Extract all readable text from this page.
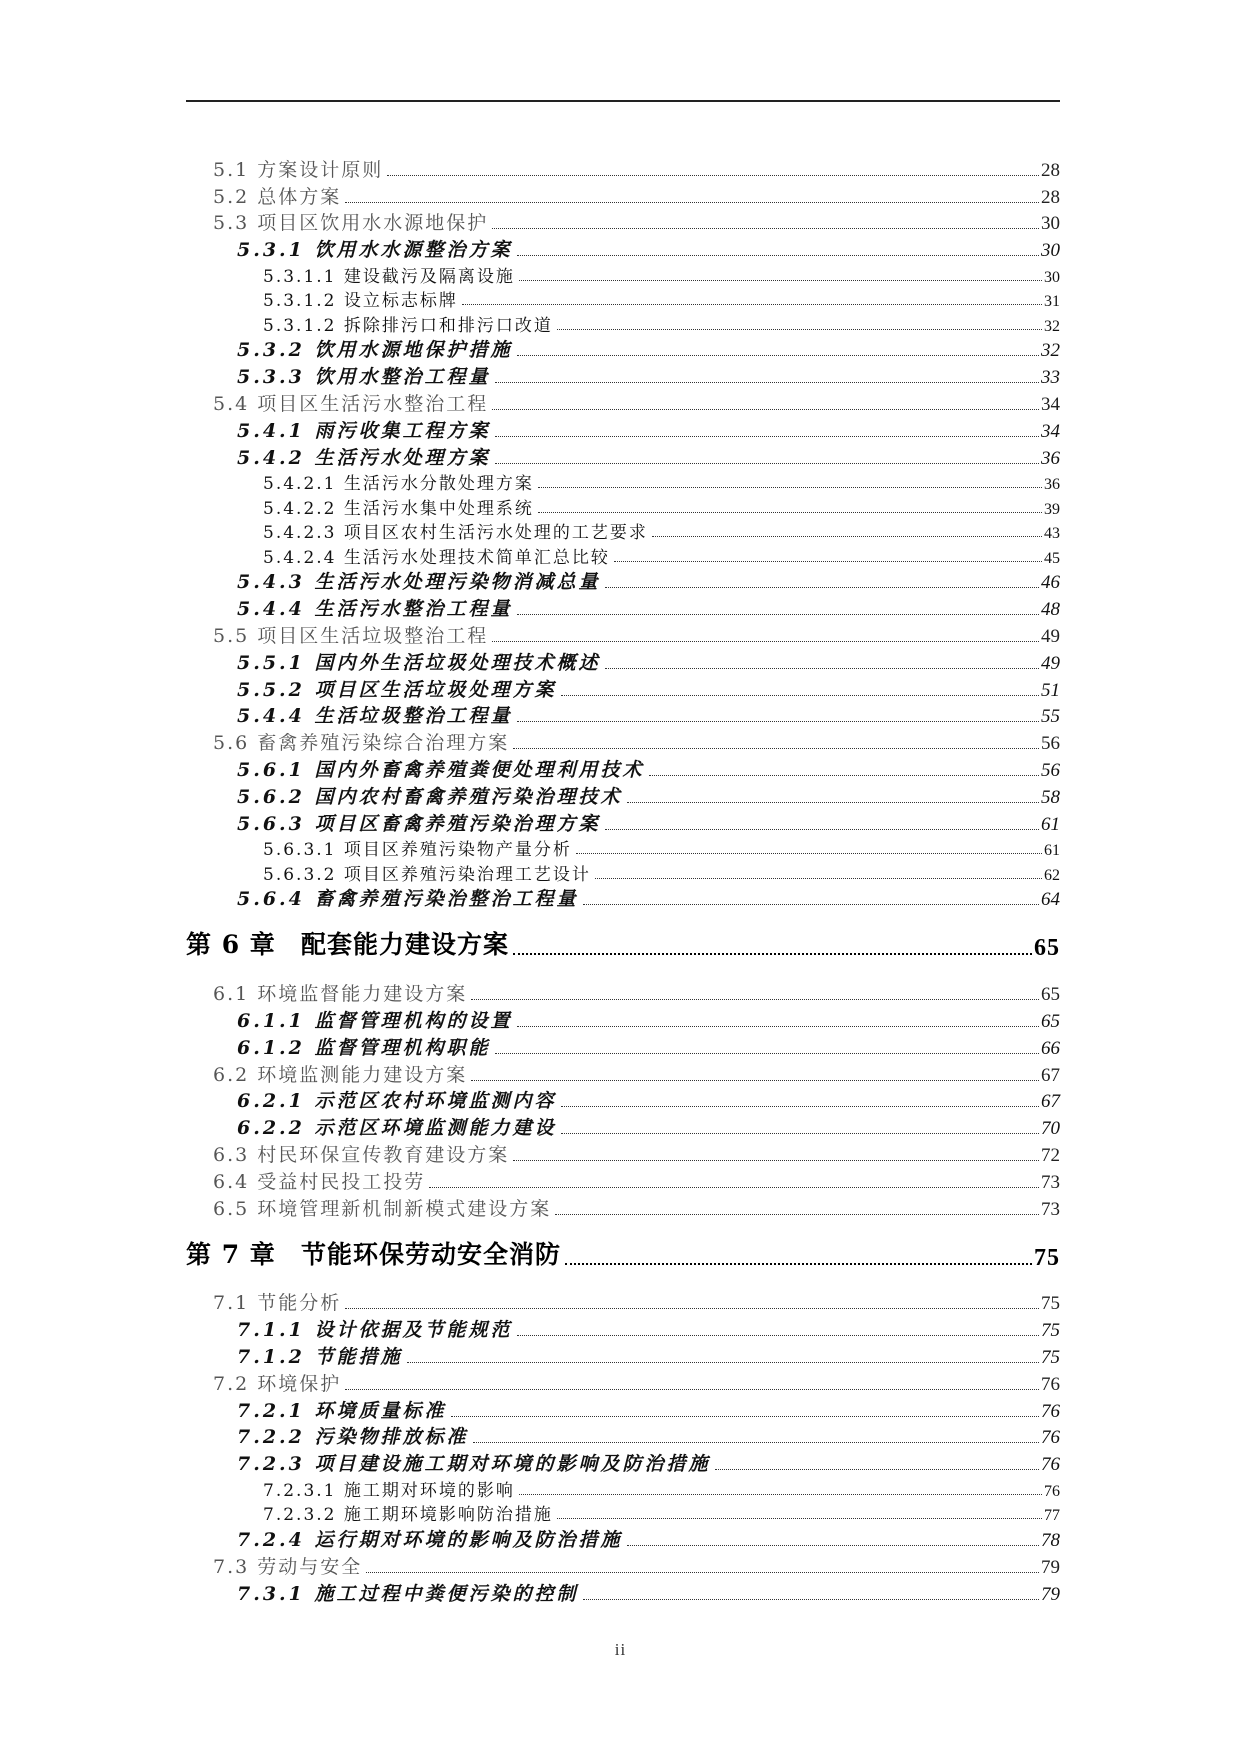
5.1 方案设计原则	28
5.2 总体方案	28
5.3 项目区饮用水水源地保护	30
5.3.1 饮用水水源整治方案	30
5.3.1.1 建设截污及隔离设施	30
5.3.1.2 设立标志标牌	31
5.3.1.2 拆除排污口和排污口改道	32
5.3.2 饮用水源地保护措施	32
5.3.3 饮用水整治工程量	33
5.4 项目区生活污水整治工程	34
5.4.1 雨污收集工程方案	34
5.4.2 生活污水处理方案	36
5.4.2.1 生活污水分散处理方案	36
5.4.2.2 生活污水集中处理系统	39
5.4.2.3 项目区农村生活污水处理的工艺要求	43
5.4.2.4 生活污水处理技术简单汇总比较	45
5.4.3 生活污水处理污染物消减总量	46
5.4.4 生活污水整治工程量	48
5.5 项目区生活垃圾整治工程	49
5.5.1 国内外生活垃圾处理技术概述	49
5.5.2 项目区生活垃圾处理方案	51
5.4.4 生活垃圾整治工程量	55
5.6 畜禽养殖污染综合治理方案	56
5.6.1 国内外畜禽养殖粪便处理利用技术	56
5.6.2 国内农村畜禽养殖污染治理技术	58
5.6.3 项目区畜禽养殖污染治理方案	61
5.6.3.1 项目区养殖污染物产量分析	61
5.6.3.2 项目区养殖污染治理工艺设计	62
5.6.4 畜禽养殖污染治整治工程量	64
第 6 章	配套能力建设方案	65
6.1 环境监督能力建设方案	65
6.1.1 监督管理机构的设置	65
6.1.2 监督管理机构职能	66
6.2 环境监测能力建设方案	67
6.2.1 示范区农村环境监测内容	67
6.2.2 示范区环境监测能力建设	70
6.3 村民环保宣传教育建设方案	72
6.4 受益村民投工投劳	73
6.5 环境管理新机制新模式建设方案	73
第 7 章	节能环保劳动安全消防	75
7.1 节能分析	75
7.1.1 设计依据及节能规范	75
7.1.2 节能措施	75
7.2 环境保护	76
7.2.1 环境质量标准	76
7.2.2 污染物排放标准	76
7.2.3 项目建设施工期对环境的影响及防治措施	76
7.2.3.1 施工期对环境的影响	76
7.2.3.2 施工期环境影响防治措施	77
7.2.4 运行期对环境的影响及防治措施	78
7.3 劳动与安全	79
7.3.1 施工过程中粪便污染的控制	79
ii
